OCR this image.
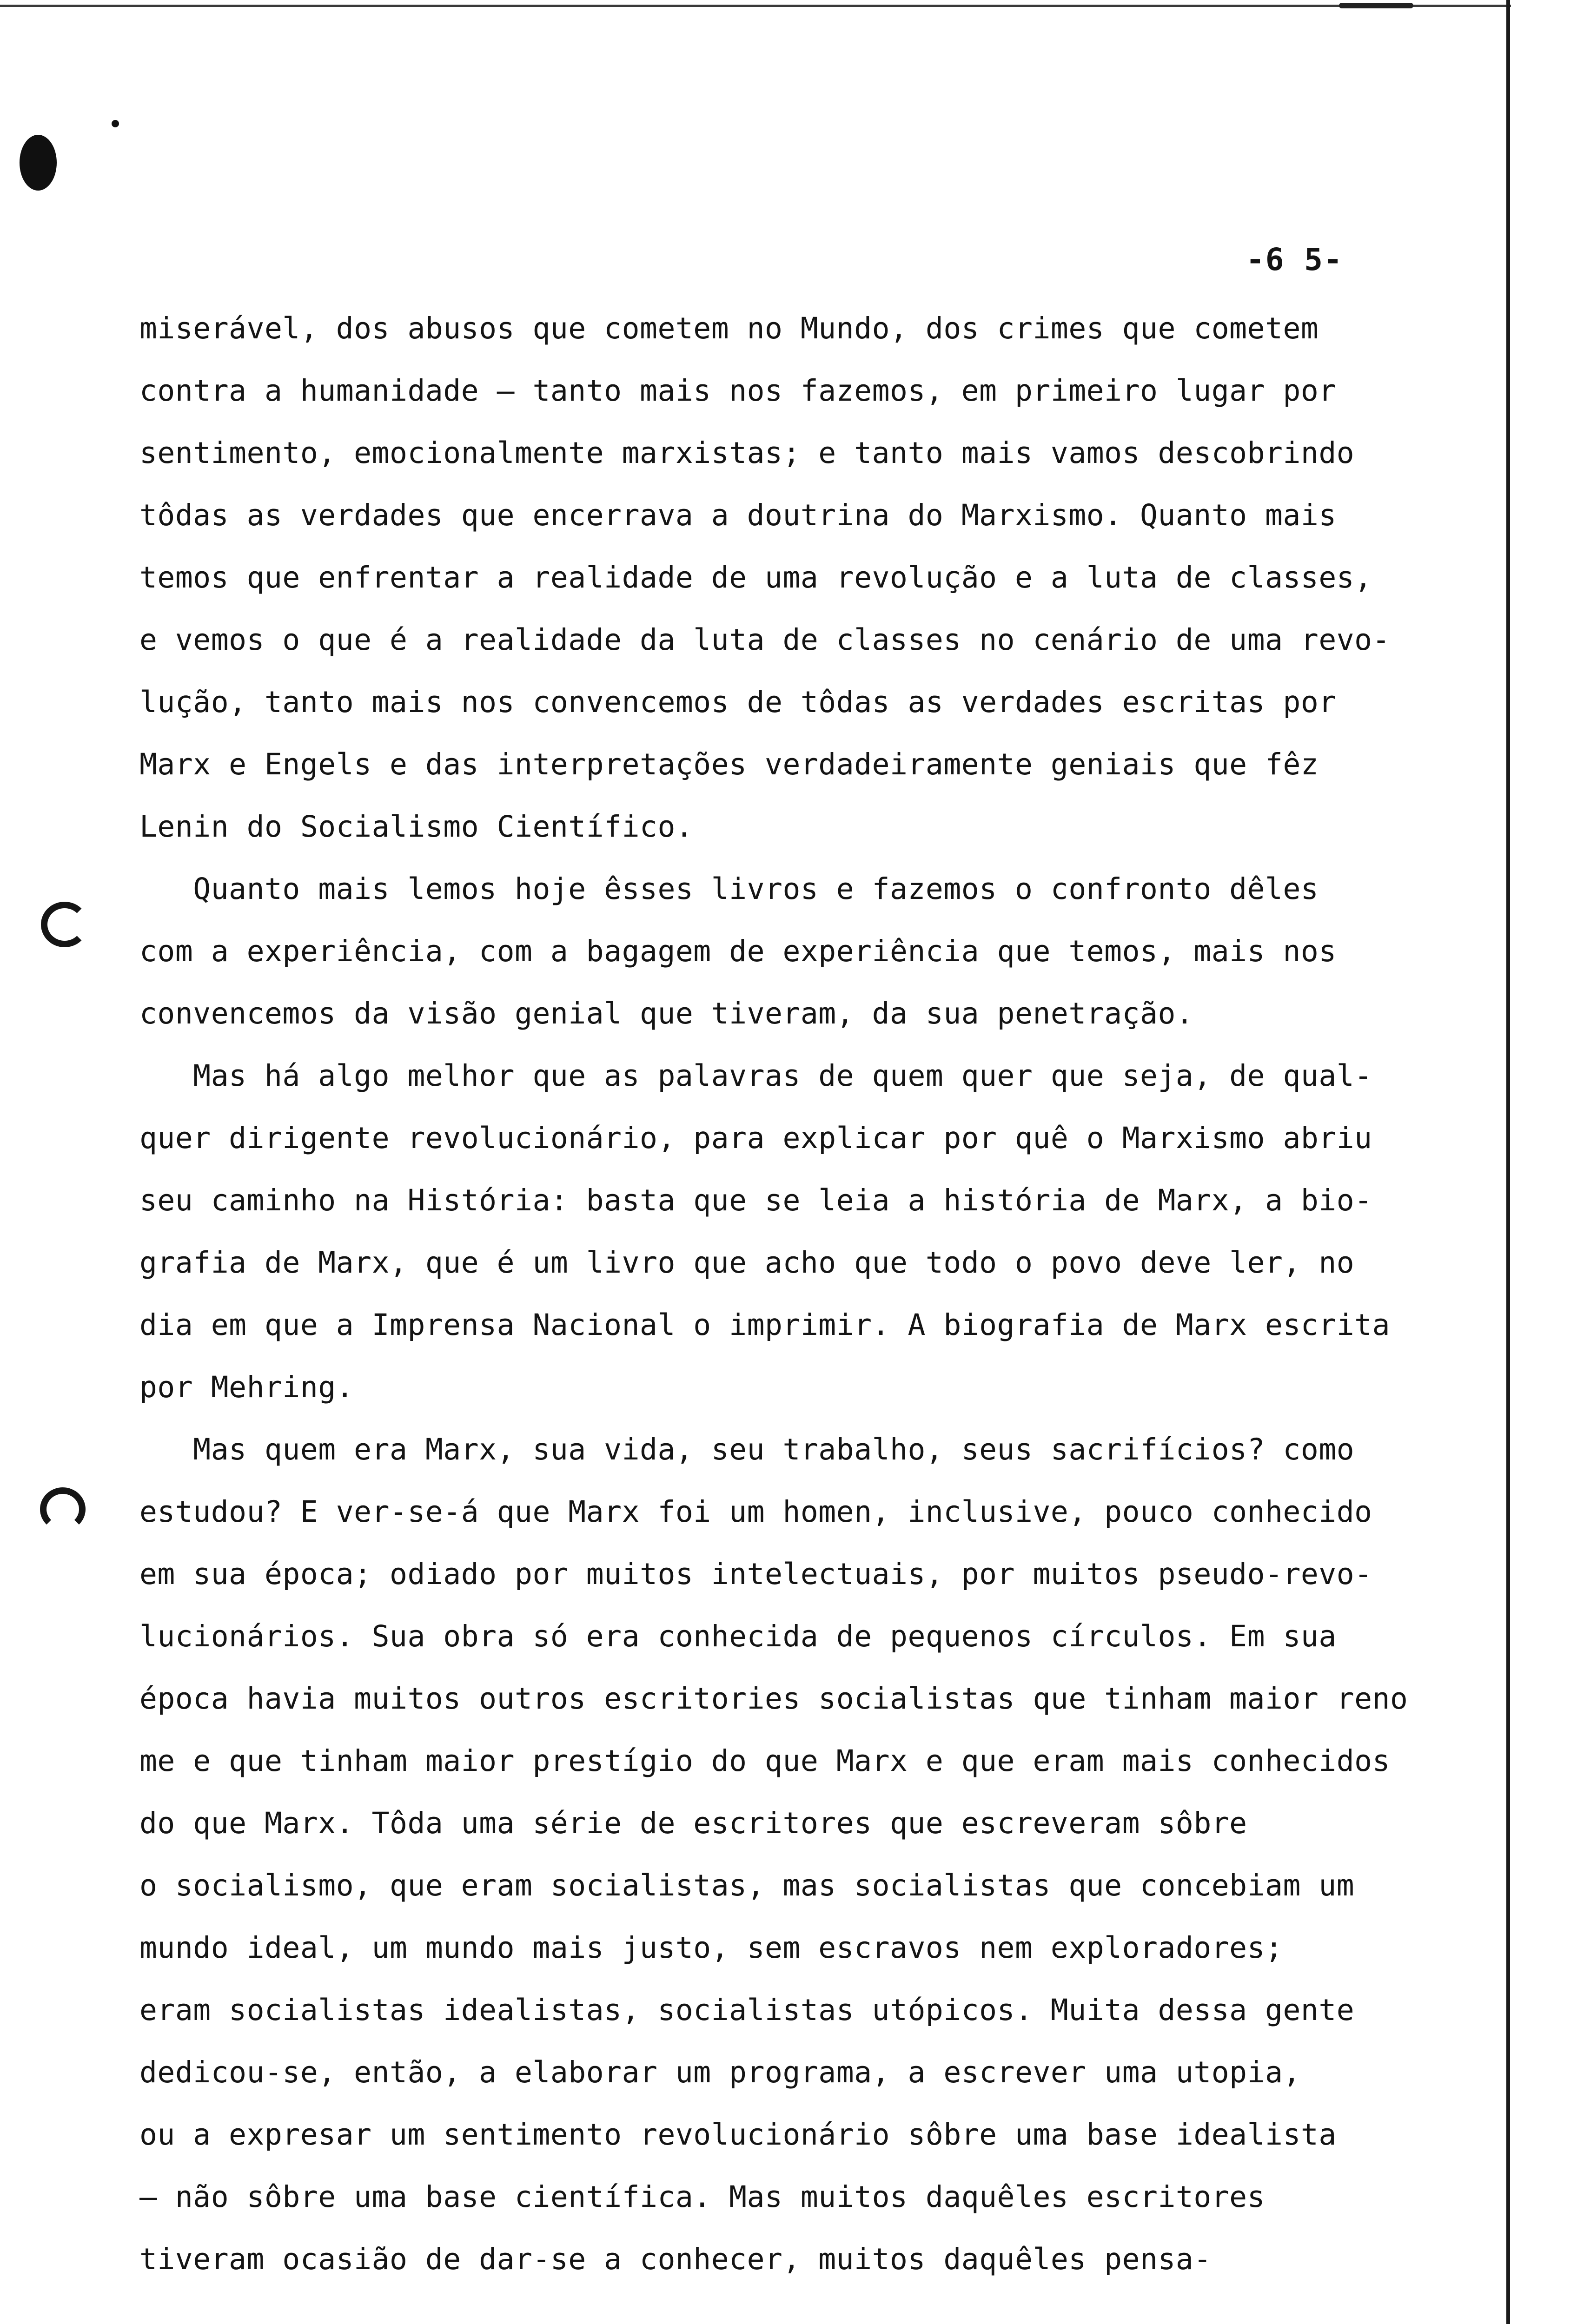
-6 5-
miserável, dos abusos que cometem no Mundo, dos crimes que cometem
contra a humanidade — tanto mais nos fazemos, em primeiro lugar por
sentimento, emocionalmente marxistas; e tanto mais vamos descobrindo
tôdas as verdades que encerrava a doutrina do Marxismo. Quanto mais
temos que enfrentar a realidade de uma revolução e a luta de classes,
e vemos o que é a realidade da luta de classes no cenário de uma revo-
lução, tanto mais nos convencemos de tôdas as verdades escritas por
Marx e Engels e das interpretações verdadeiramente geniais que fêz
Lenin do Socialismo Científico.
Quanto mais lemos hoje êsses livros e fazemos o confronto dêles
com a experiência, com a bagagem de experiência que temos, mais nos
convencemos da visão genial que tiveram, da sua penetração.
Mas há algo melhor que as palavras de quem quer que seja, de qual-
quer dirigente revolucionário, para explicar por quê o Marxismo abriu
seu caminho na História: basta que se leia a história de Marx, a bio-
grafia de Marx, que é um livro que acho que todo o povo deve ler, no
dia em que a Imprensa Nacional o imprimir. A biografia de Marx escrita
por Mehring.
Mas quem era Marx, sua vida, seu trabalho, seus sacrifícios? como
estudou? E ver-se-á que Marx foi um homen, inclusive, pouco conhecido
em sua época; odiado por muitos intelectuais, por muitos pseudo-revo-
lucionários. Sua obra só era conhecida de pequenos círculos. Em sua
época havia muitos outros escritories socialistas que tinham maior reno
me e que tinham maior prestígio do que Marx e que eram mais conhecidos
do que Marx. Tôda uma série de escritores que escreveram sôbre
o socialismo, que eram socialistas, mas socialistas que concebiam um
mundo ideal, um mundo mais justo, sem escravos nem exploradores;
eram socialistas idealistas, socialistas utópicos. Muita dessa gente
dedicou-se, então, a elaborar um programa, a escrever uma utopia,
ou a expresar um sentimento revolucionário sôbre uma base idealista
— não sôbre uma base científica. Mas muitos daquêles escritores
tiveram ocasião de dar-se a conhecer, muitos daquêles pensa-
